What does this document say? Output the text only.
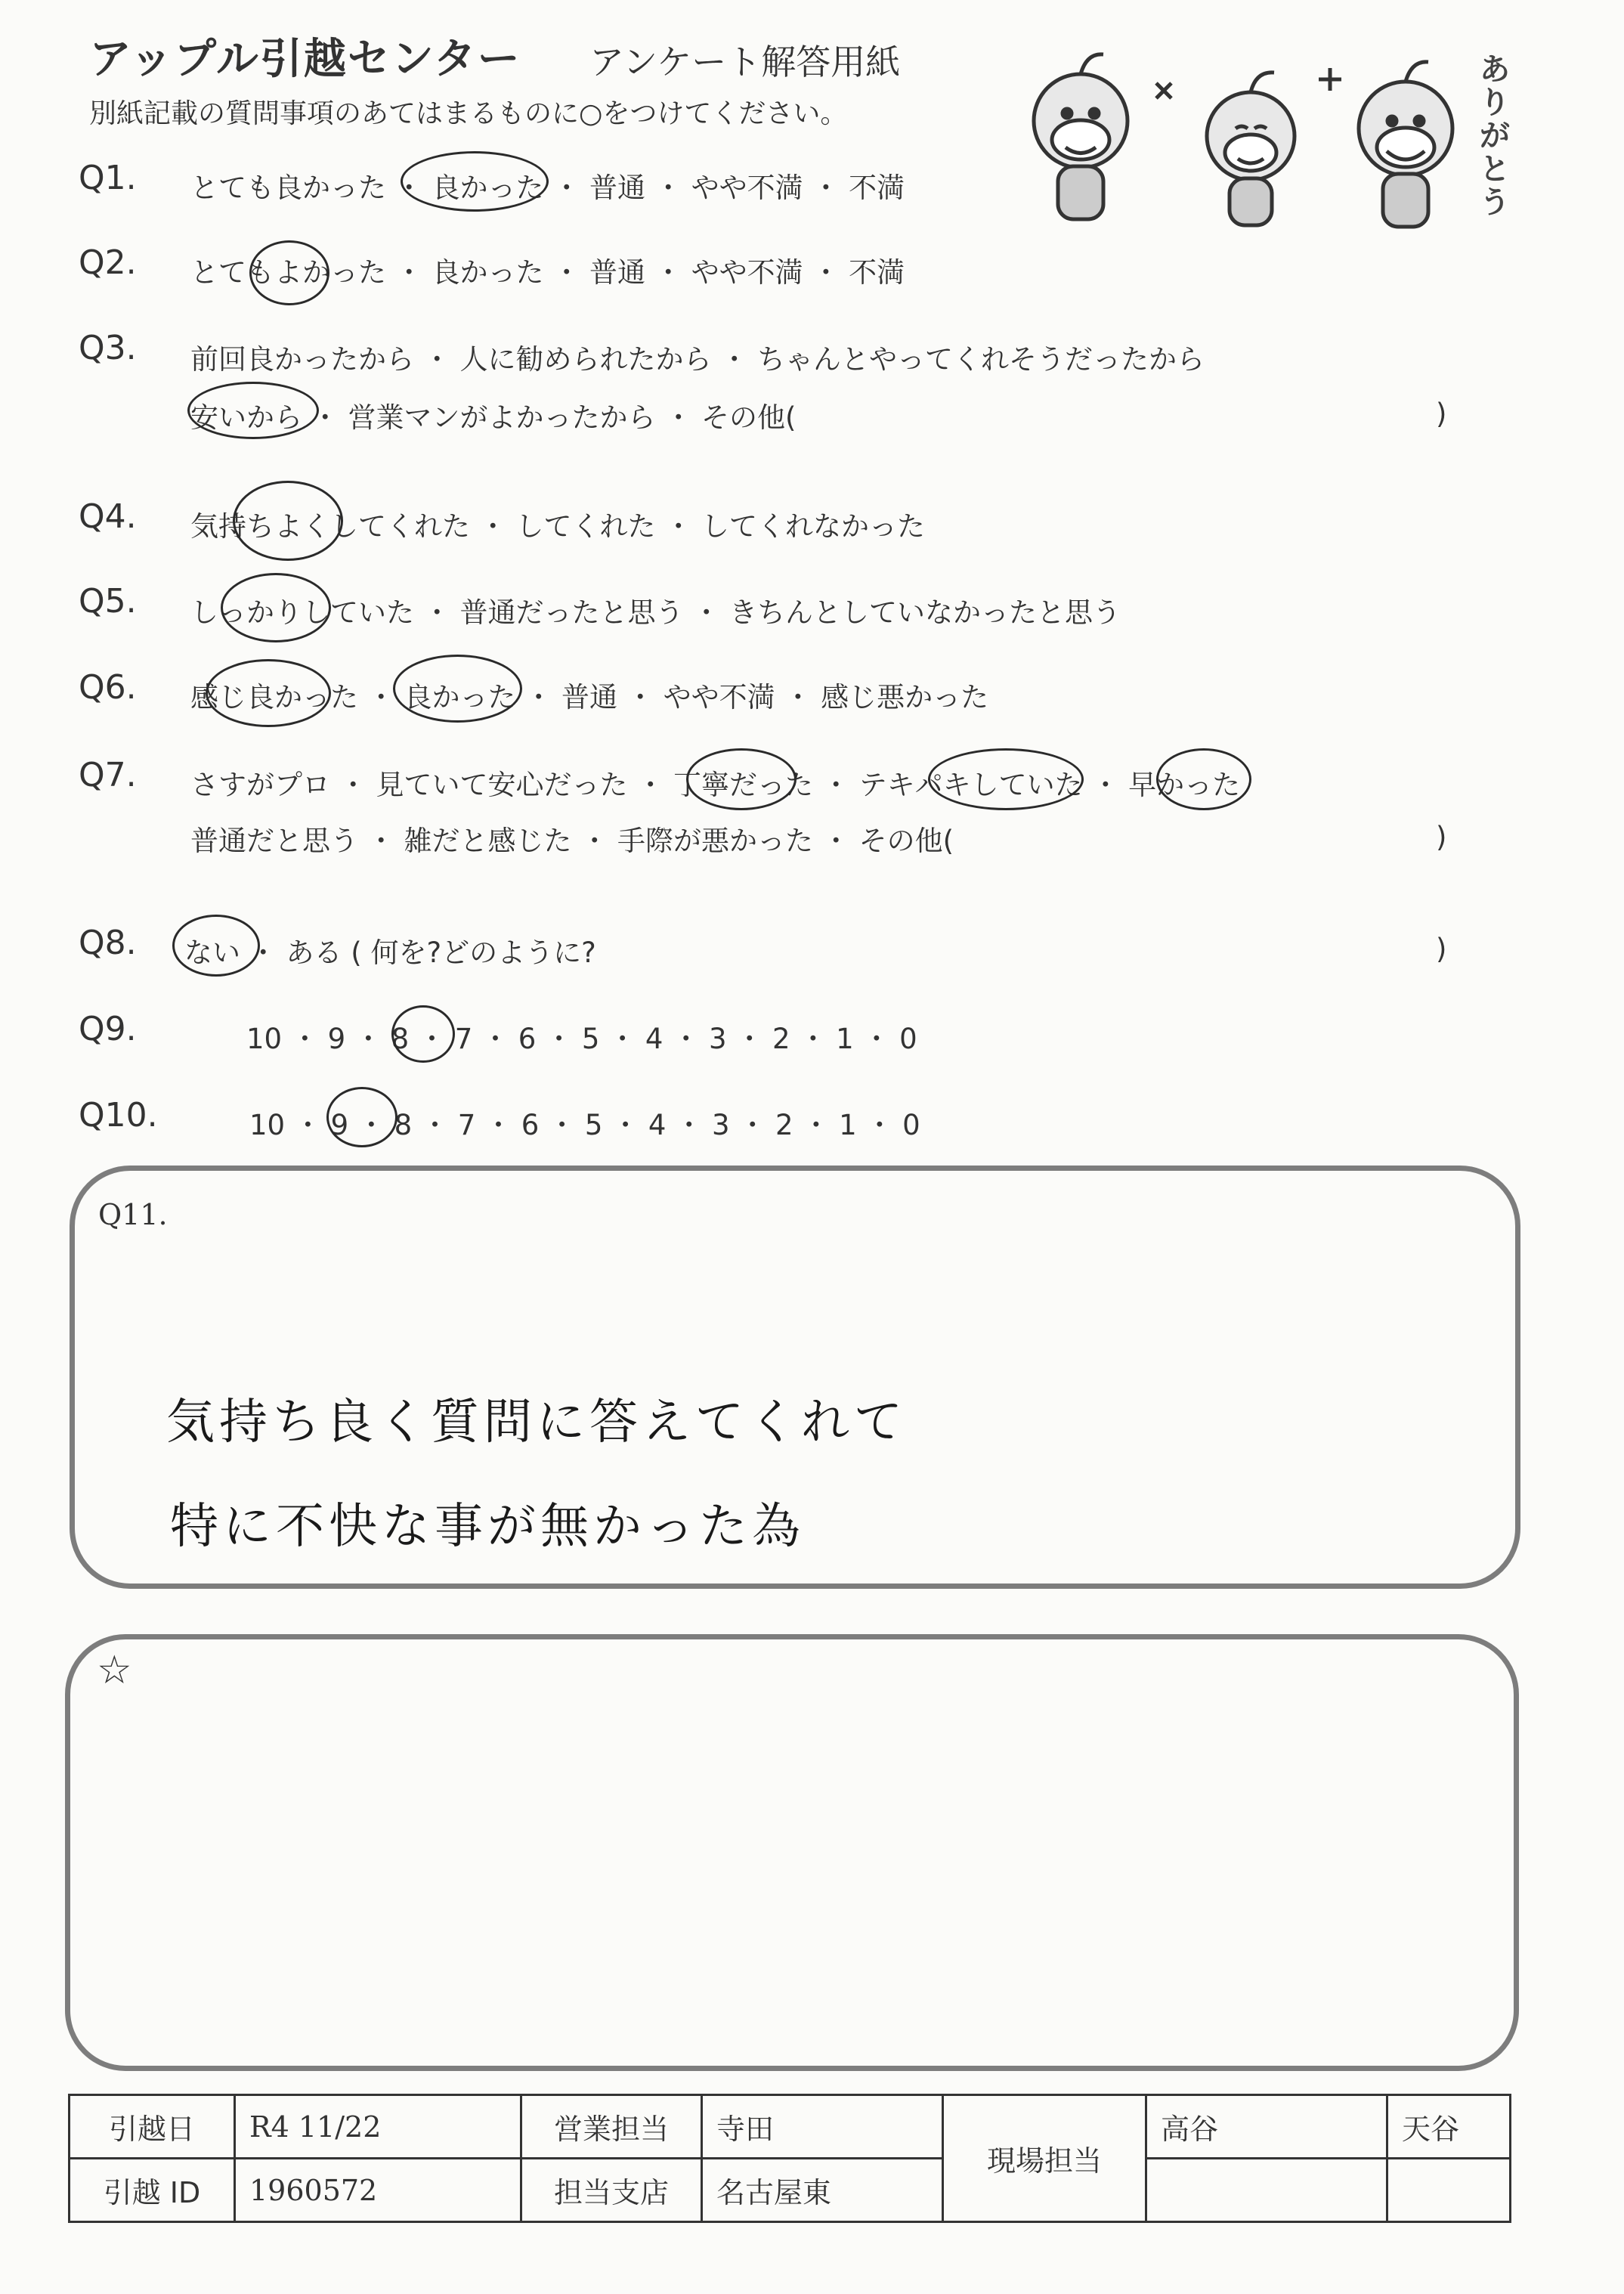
アップル引越センター アンケート解答用紙
別紙記載の質問事項のあてはまるものに○をつけてください。
ありがとう
Q1. とても良かった ・ 良かった ・ 普通 ・ やや不満 ・ 不満
Q2. とてもよかった ・ 良かった ・ 普通 ・ やや不満 ・ 不満
Q3. 前回良かったから ・ 人に勧められたから ・ ちゃんとやってくれそうだったから
安いから ・ 営業マンがよかったから ・ その他(	)
Q4. 気持ちよくしてくれた ・ してくれた ・ してくれなかった
Q5. しっかりしていた ・ 普通だったと思う ・ きちんとしていなかったと思う
Q6. 感じ良かった ・ 良かった ・ 普通 ・ やや不満 ・ 感じ悪かった
Q7. さすがプロ ・ 見ていて安心だった ・ 丁寧だった ・ テキパキしていた ・ 早かった
普通だと思う ・ 雑だと感じた ・ 手際が悪かった ・ その他(	)
Q8. ない ・ ある ( 何を?どのように?	)
Q9.	10 ・ 9 ・ 8 ・ 7 ・ 6 ・ 5 ・ 4 ・ 3 ・ 2 ・ 1 ・ 0
Q10.	10 ・ 9 ・ 8 ・ 7 ・ 6 ・ 5 ・ 4 ・ 3 ・ 2 ・ 1 ・ 0
Q11.
気持ち良く質問に答えてくれて
特に不快な事が無かった為
☆
引越日	R4 11/22	営業担当	寺田	現場担当	高谷	天谷
引越 ID	1960572	担当支店	名古屋東			
